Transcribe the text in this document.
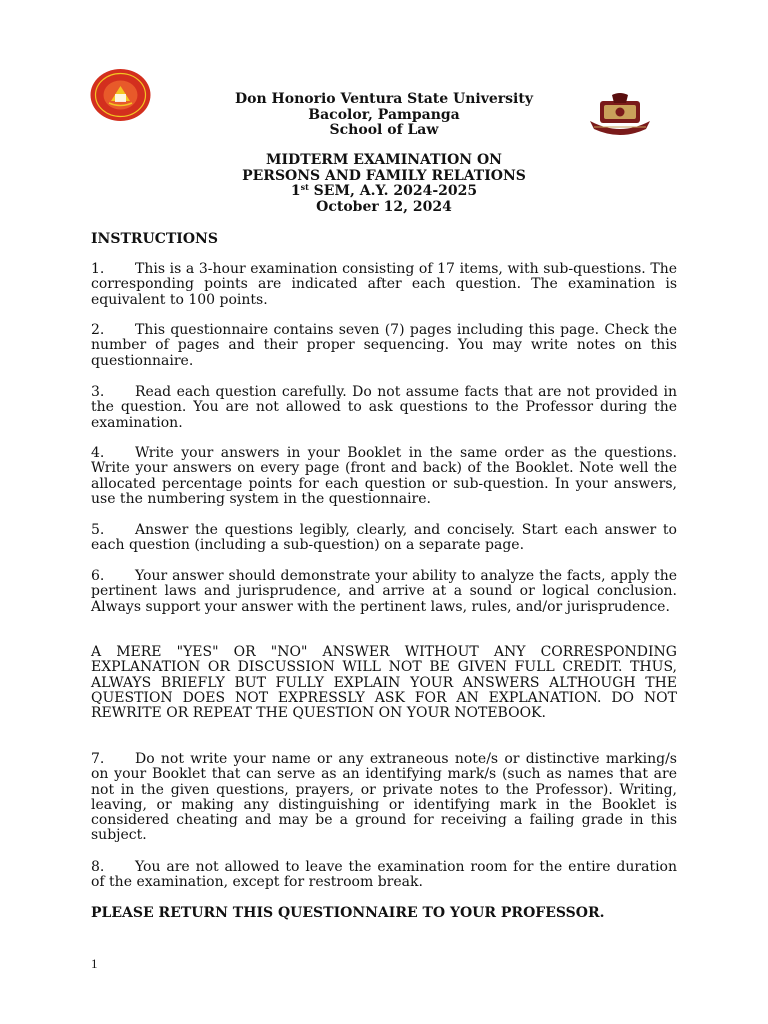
Don Honorio Ventura State University
Bacolor, Pampanga
School of Law
MIDTERM EXAMINATION ON
PERSONS AND FAMILY RELATIONS
1st SEM, A.Y. 2024-2025
October 12, 2024
INSTRUCTIONS

1. This is a 3-hour examination consisting of 17 items, with sub-questions. The corresponding points are indicated after each question. The examination is equivalent to 100 points.

2. This questionnaire contains seven (7) pages including this page. Check the number of pages and their proper sequencing. You may write notes on this questionnaire.

3. Read each question carefully. Do not assume facts that are not provided in the question. You are not allowed to ask questions to the Professor during the examination.

4. Write your answers in your Booklet in the same order as the questions. Write your answers on every page (front and back) of the Booklet. Note well the allocated percentage points for each question or sub-question. In your answers, use the numbering system in the questionnaire.

5. Answer the questions legibly, clearly, and concisely. Start each answer to each question (including a sub-question) on a separate page.

6. Your answer should demonstrate your ability to analyze the facts, apply the pertinent laws and jurisprudence, and arrive at a sound or logical conclusion. Always support your answer with the pertinent laws, rules, and/or jurisprudence.

A MERE "YES" OR "NO" ANSWER WITHOUT ANY CORRESPONDING EXPLANATION OR DISCUSSION WILL NOT BE GIVEN FULL CREDIT. THUS, ALWAYS BRIEFLY BUT FULLY EXPLAIN YOUR ANSWERS ALTHOUGH THE QUESTION DOES NOT EXPRESSLY ASK FOR AN EXPLANATION. DO NOT REWRITE OR REPEAT THE QUESTION ON YOUR NOTEBOOK.

7. Do not write your name or any extraneous note/s or distinctive marking/s on your Booklet that can serve as an identifying mark/s (such as names that are not in the given questions, prayers, or private notes to the Professor). Writing, leaving, or making any distinguishing or identifying mark in the Booklet is considered cheating and may be a ground for receiving a failing grade in this subject.

8. You are not allowed to leave the examination room for the entire duration of the examination, except for restroom break.

PLEASE RETURN THIS QUESTIONNAIRE TO YOUR PROFESSOR.
1
